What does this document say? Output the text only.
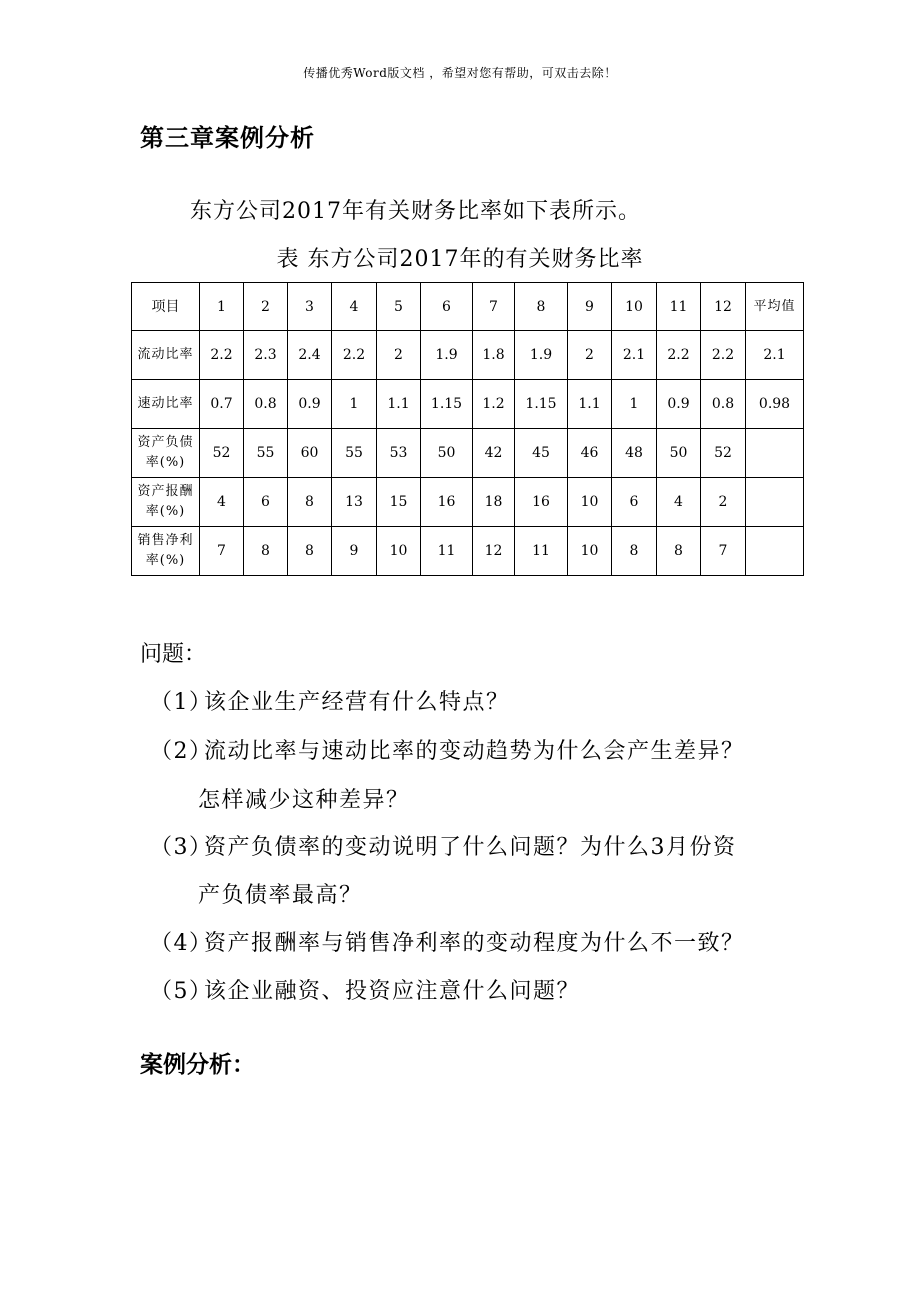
传播优秀Word版文档 ，希望对您有帮助，可双击去除！
第三章案例分析
东方公司2017年有关财务比率如下表所示。
表 东方公司2017年的有关财务比率
项目	1	2	3	4	5	6	7	8	9	10	11	12	平均值
流动比率	2.2	2.3	2.4	2.2	2	1.9	1.8	1.9	2	2.1	2.2	2.2	2.1
速动比率	0.7	0.8	0.9	1	1.1	1.15	1.2	1.15	1.1	1	0.9	0.8	0.98
资产负债率(%)	52	55	60	55	53	50	42	45	46	48	50	52	
资产报酬率(%)	4	6	8	13	15	16	18	16	10	6	4	2	
销售净利率(%)	7	8	8	9	10	11	12	11	10	8	8	7	
问题：
（1）该企业生产经营有什么特点？
（2）流动比率与速动比率的变动趋势为什么会产生差异？
怎样减少这种差异？
（3）资产负债率的变动说明了什么问题？为什么3月份资
产负债率最高？
（4）资产报酬率与销售净利率的变动程度为什么不一致？
（5）该企业融资、投资应注意什么问题？
案例分析：
